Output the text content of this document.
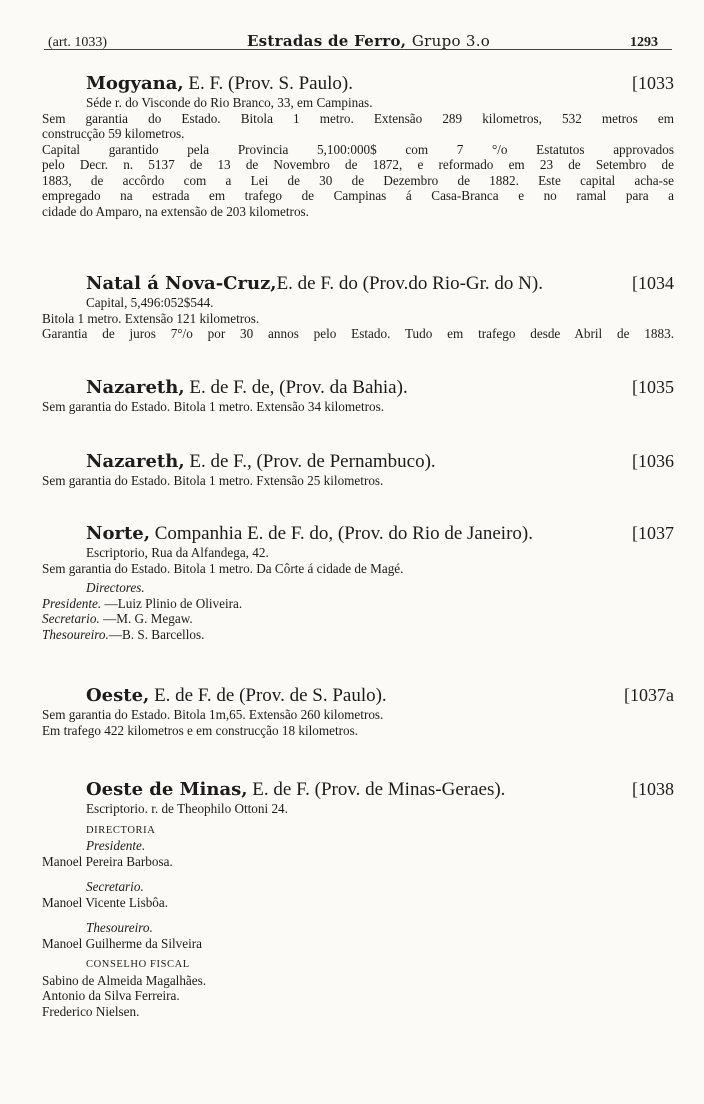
(art. 1033)	Estradas de Ferro, Grupo 3.o	1293
Mogyana, E. F. (Prov. S. Paulo).	[1033
Séde r. do Visconde do Rio Branco, 33, em Campinas.
Sem garantia do Estado. Bitola 1 metro. Extensão 289 kilometros, 532 metros em
construcção 59 kilometros.
Capital garantido pela Provincia 5,100:000$ com 7 °/o Estatutos approvados
pelo Decr. n. 5137 de 13 de Novembro de 1872, e reformado em 23 de Setembro de
1883, de accôrdo com a Lei de 30 de Dezembro de 1882. Este capital acha-se
empregado na estrada em trafego de Campinas á Casa-Branca e no ramal para a
cidade do Amparo, na extensão de 203 kilometros.
Natal á Nova-Cruz,E. de F. do (Prov.do Rio-Gr. do N).	[1034
Capital, 5,496:052$544.
Bitola 1 metro. Extensão 121 kilometros.
Garantia de juros 7°/o por 30 annos pelo Estado. Tudo em trafego desde Abril de 1883.
Nazareth, E. de F. de, (Prov. da Bahia).	[1035
Sem garantia do Estado. Bitola 1 metro. Extensão 34 kilometros.
Nazareth, E. de F., (Prov. de Pernambuco).	[1036
Sem garantia do Estado. Bitola 1 metro. Fxtensão 25 kilometros.
Norte, Companhia E. de F. do, (Prov. do Rio de Janeiro).	[1037
Escriptorio, Rua da Alfandega, 42.
Sem garantia do Estado. Bitola 1 metro. Da Côrte á cidade de Magé.
Directores.
Presidente. —Luiz Plinio de Oliveira.
Secretario. —M. G. Megaw.
Thesoureiro.—B. S. Barcellos.
Oeste, E. de F. de (Prov. de S. Paulo).	[1037a
Sem garantia do Estado. Bitola 1m,65. Extensão 260 kilometros.
Em trafego 422 kilometros e em construcção 18 kilometros.
Oeste de Minas, E. de F. (Prov. de Minas-Geraes).	[1038
Escriptorio. r. de Theophilo Ottoni 24.
DIRECTORIA
Presidente.
Manoel Pereira Barbosa.
Secretario.
Manoel Vicente Lisbôa.
Thesoureiro.
Manoel Guilherme da Silveira
CONSELHO FISCAL
Sabino de Almeida Magalhães.
Antonio da Silva Ferreira.
Frederico Nielsen.
